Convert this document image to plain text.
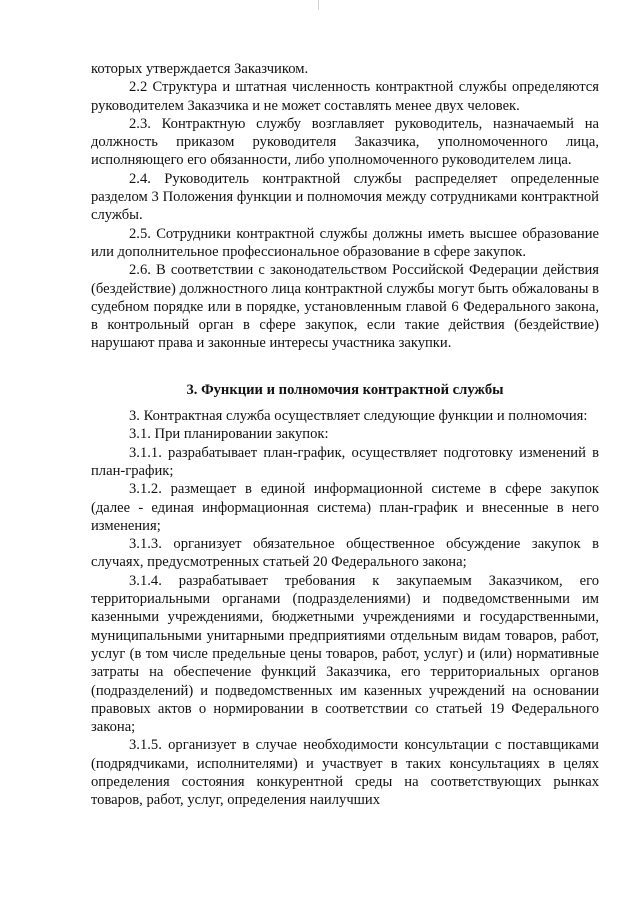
которых утверждается Заказчиком.

2.2 Структура и штатная численность контрактной службы определяются руководителем Заказчика и не может составлять менее двух человек.

2.3. Контрактную службу возглавляет руководитель, назначаемый на должность приказом руководителя Заказчика, уполномоченного лица, исполняющего его обязанности, либо уполномоченного руководителем лица.

2.4. Руководитель контрактной службы распределяет определенные разделом 3 Положения функции и полномочия между сотрудниками контрактной службы.

2.5. Сотрудники контрактной службы должны иметь высшее образование или дополнительное профессиональное образование в сфере закупок.

2.6. В соответствии с законодательством Российской Федерации действия (бездействие) должностного лица контрактной службы могут быть обжалованы в судебном порядке или в порядке, установленным главой 6 Федерального закона, в контрольный орган в сфере закупок, если такие действия (бездействие) нарушают права и законные интересы участника закупки.

3. Функции и полномочия контрактной службы

3. Контрактная служба осуществляет следующие функции и полномочия:

3.1. При планировании закупок:

3.1.1. разрабатывает план-график, осуществляет подготовку изменений в план-график;

3.1.2. размещает в единой информационной системе в сфере закупок (далее - единая информационная система) план-график и внесенные в него изменения;

3.1.3. организует обязательное общественное обсуждение закупок в случаях, предусмотренных статьей 20 Федерального закона;

3.1.4. разрабатывает требования к закупаемым Заказчиком, его территориальными органами (подразделениями) и подведомственными им казенными учреждениями, бюджетными учреждениями и государственными, муниципальными унитарными предприятиями отдельным видам товаров, работ, услуг (в том числе предельные цены товаров, работ, услуг) и (или) нормативные затраты на обеспечение функций Заказчика, его территориальных органов (подразделений) и подведомственных им казенных учреждений на основании правовых актов о нормировании в соответствии со статьей 19 Федерального закона;

3.1.5. организует в случае необходимости консультации с поставщиками (подрядчиками, исполнителями) и участвует в таких консультациях в целях определения состояния конкурентной среды на соответствующих рынках товаров, работ, услуг, определения наилучших
